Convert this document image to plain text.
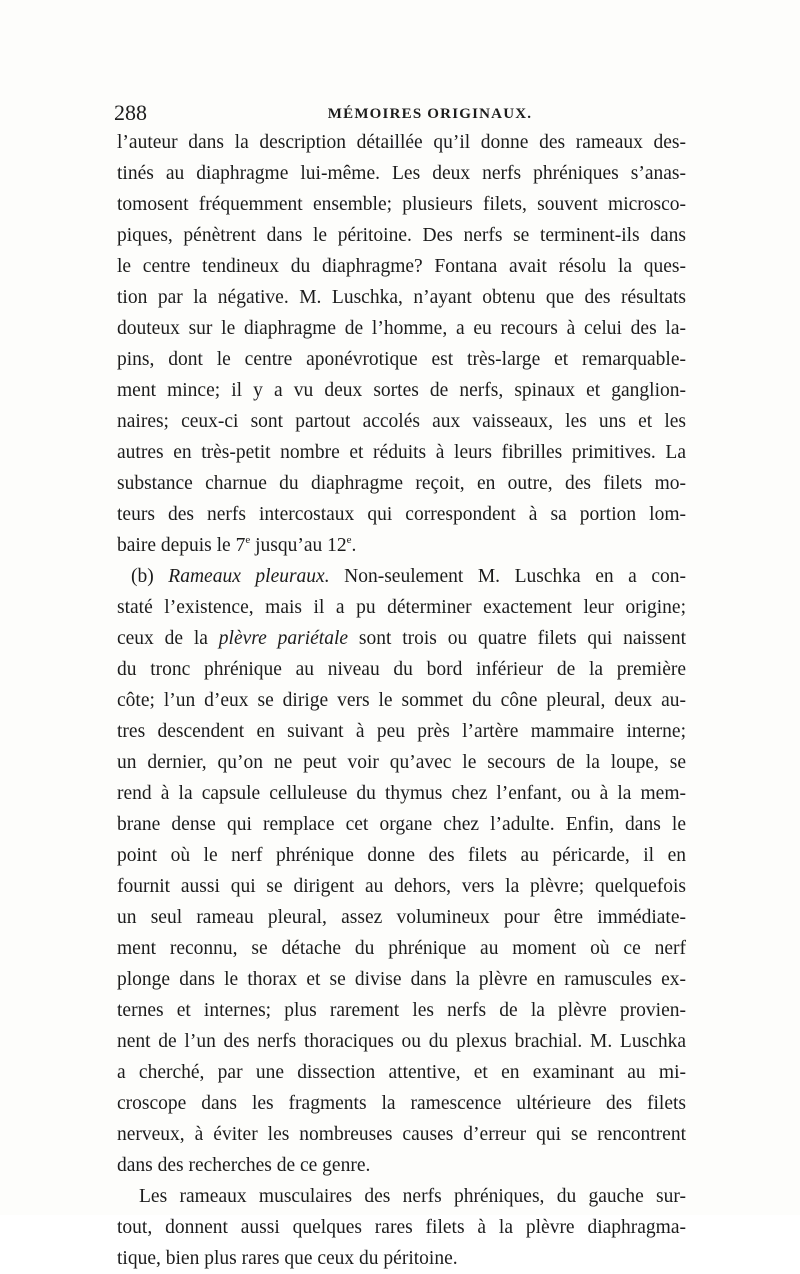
288	MÉMOIRES ORIGINAUX.
l’auteur dans la description détaillée qu’il donne des rameaux des-
tinés au diaphragme lui-même. Les deux nerfs phréniques s’anas-
tomosent fréquemment ensemble; plusieurs filets, souvent microsco-
piques, pénètrent dans le péritoine. Des nerfs se terminent-ils dans
le centre tendineux du diaphragme? Fontana avait résolu la ques-
tion par la négative. M. Luschka, n’ayant obtenu que des résultats
douteux sur le diaphragme de l’homme, a eu recours à celui des la-
pins, dont le centre aponévrotique est très-large et remarquable-
ment mince; il y a vu deux sortes de nerfs, spinaux et ganglion-
naires; ceux-ci sont partout accolés aux vaisseaux, les uns et les
autres en très-petit nombre et réduits à leurs fibrilles primitives. La
substance charnue du diaphragme reçoit, en outre, des filets mo-
teurs des nerfs intercostaux qui correspondent à sa portion lom-
baire depuis le 7e jusqu’au 12e.
(b) Rameaux pleuraux. Non-seulement M. Luschka en a con-
staté l’existence, mais il a pu déterminer exactement leur origine;
ceux de la plèvre pariétale sont trois ou quatre filets qui naissent
du tronc phrénique au niveau du bord inférieur de la première
côte; l’un d’eux se dirige vers le sommet du cône pleural, deux au-
tres descendent en suivant à peu près l’artère mammaire interne;
un dernier, qu’on ne peut voir qu’avec le secours de la loupe, se
rend à la capsule celluleuse du thymus chez l’enfant, ou à la mem-
brane dense qui remplace cet organe chez l’adulte. Enfin, dans le
point où le nerf phrénique donne des filets au péricarde, il en
fournit aussi qui se dirigent au dehors, vers la plèvre; quelquefois
un seul rameau pleural, assez volumineux pour être immédiate-
ment reconnu, se détache du phrénique au moment où ce nerf
plonge dans le thorax et se divise dans la plèvre en ramuscules ex-
ternes et internes; plus rarement les nerfs de la plèvre provien-
nent de l’un des nerfs thoraciques ou du plexus brachial. M. Luschka
a cherché, par une dissection attentive, et en examinant au mi-
croscope dans les fragments la ramescence ultérieure des filets
nerveux, à éviter les nombreuses causes d’erreur qui se rencontrent
dans des recherches de ce genre.
Les rameaux musculaires des nerfs phréniques, du gauche sur-
tout, donnent aussi quelques rares filets à la plèvre diaphragma-
tique, bien plus rares que ceux du péritoine.
